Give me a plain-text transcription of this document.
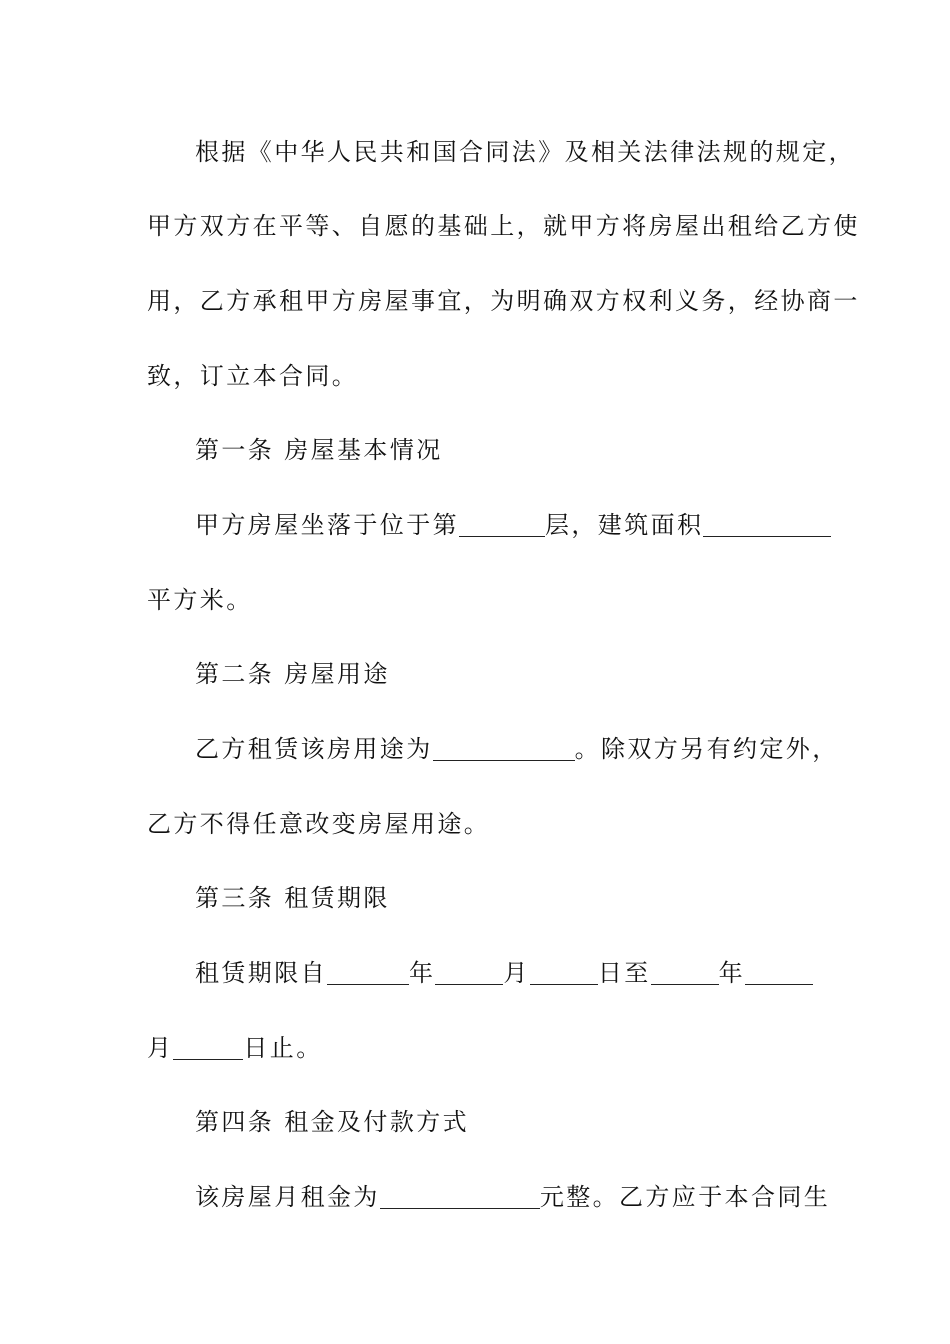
根据《中华人民共和国合同法》及相关法律法规的规定，
甲方双方在平等、自愿的基础上，就甲方将房屋出租给乙方使
用，乙方承租甲方房屋事宜，为明确双方权利义务，经协商一
致，订立本合同。
第一条 房屋基本情况
甲方房屋坐落于位于第	层，建筑面积
平方米。
第二条 房屋用途
乙方租赁该房用途为	。除双方另有约定外，
乙方不得任意改变房屋用途。
第三条 租赁期限
租赁期限自	年	月	日至	年
月	日止。
第四条 租金及付款方式
该房屋月租金为	元整。乙方应于本合同生
